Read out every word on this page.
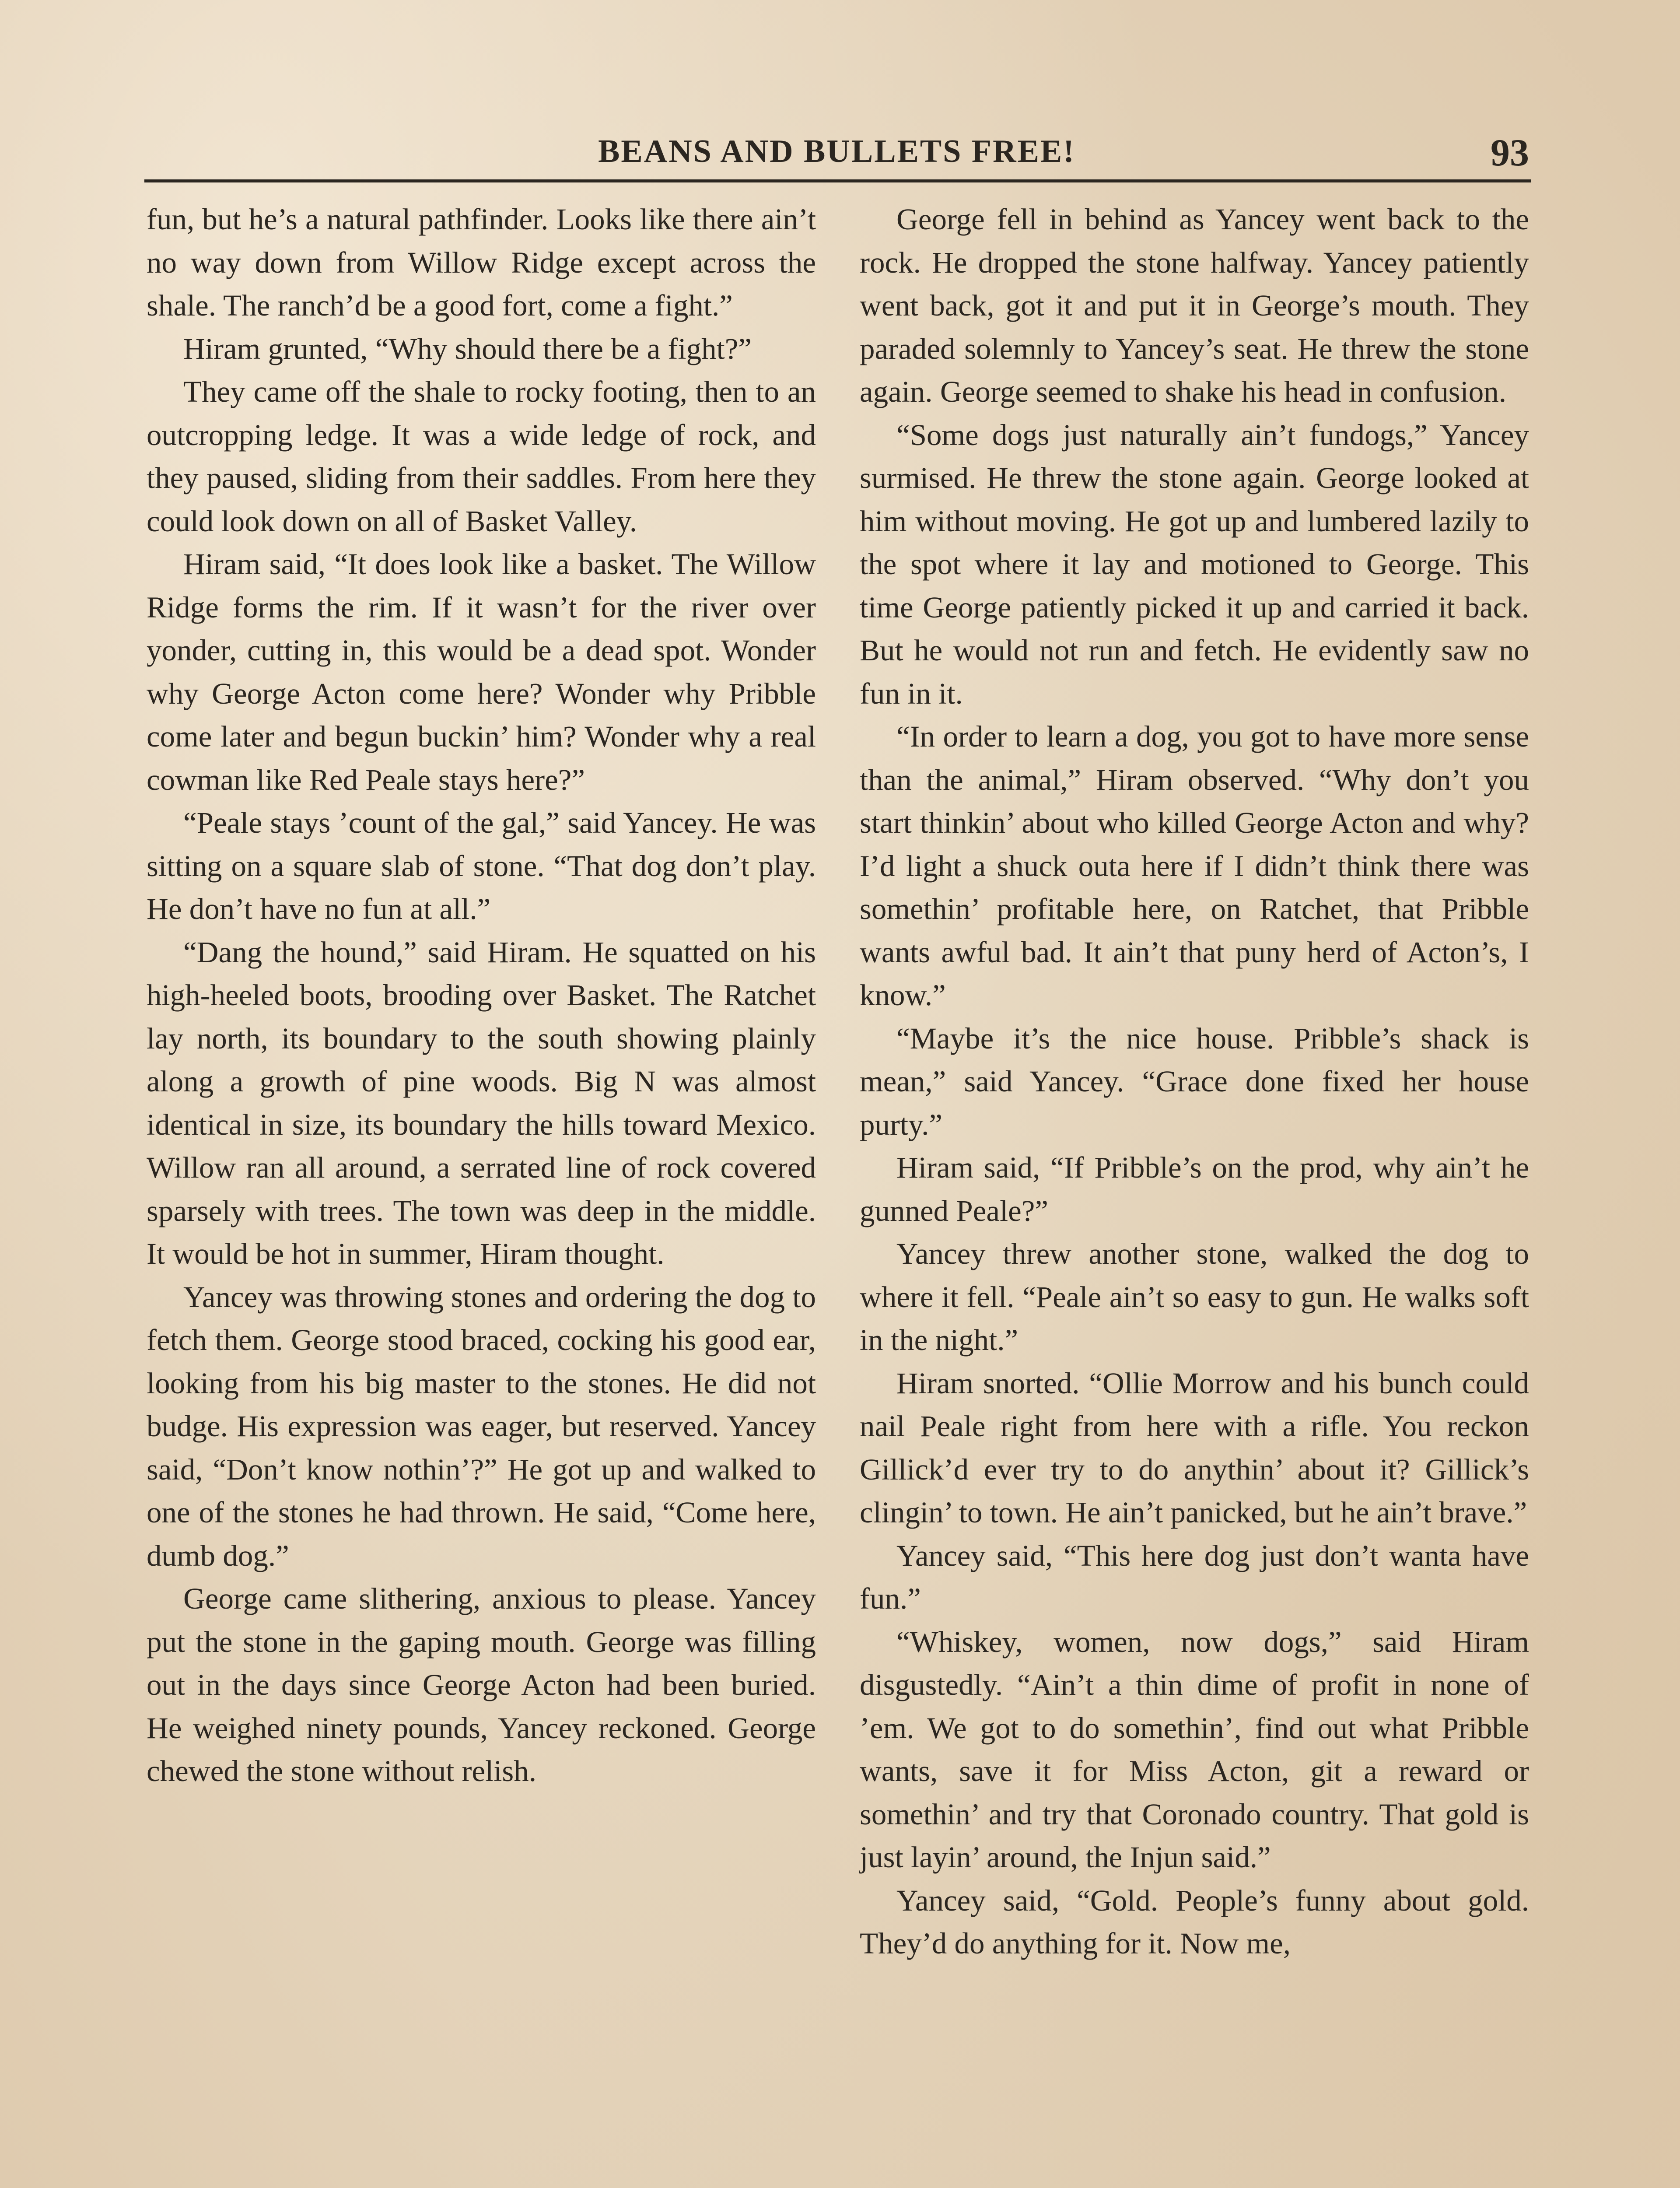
BEANS AND BULLETS FREE!	93

fun, but he’s a natural pathfinder. Looks like there ain’t no way down from Willow Ridge except across the shale. The ranch’d be a good fort, come a fight.”

Hiram grunted, “Why should there be a fight?”

They came off the shale to rocky footing, then to an outcropping ledge. It was a wide ledge of rock, and they paused, sliding from their saddles. From here they could look down on all of Basket Valley.

Hiram said, “It does look like a basket. The Willow Ridge forms the rim. If it wasn’t for the river over yonder, cutting in, this would be a dead spot. Wonder why George Acton come here? Wonder why Pribble come later and begun buckin’ him? Wonder why a real cowman like Red Peale stays here?”

“Peale stays ’count of the gal,” said Yancey. He was sitting on a square slab of stone. “That dog don’t play. He don’t have no fun at all.”

“Dang the hound,” said Hiram. He squatted on his high-heeled boots, brooding over Basket. The Ratchet lay north, its boundary to the south showing plainly along a growth of pine woods. Big N was almost identical in size, its boundary the hills toward Mexico. Willow ran all around, a serrated line of rock covered sparsely with trees. The town was deep in the middle. It would be hot in summer, Hiram thought.

Yancey was throwing stones and ordering the dog to fetch them. George stood braced, cocking his good ear, looking from his big master to the stones. He did not budge. His expression was eager, but reserved. Yancey said, “Don’t know nothin’?” He got up and walked to one of the stones he had thrown. He said, “Come here, dumb dog.”

George came slithering, anxious to please. Yancey put the stone in the gaping mouth. George was filling out in the days since George Acton had been buried. He weighed ninety pounds, Yancey reckoned. George chewed the stone without relish.

George fell in behind as Yancey went back to the rock. He dropped the stone halfway. Yancey patiently went back, got it and put it in George’s mouth. They paraded solemnly to Yancey’s seat. He threw the stone again. George seemed to shake his head in confusion.

“Some dogs just naturally ain’t fundogs,” Yancey surmised. He threw the stone again. George looked at him without moving. He got up and lumbered lazily to the spot where it lay and motioned to George. This time George patiently picked it up and carried it back. But he would not run and fetch. He evidently saw no fun in it.

“In order to learn a dog, you got to have more sense than the animal,” Hiram observed. “Why don’t you start thinkin’ about who killed George Acton and why? I’d light a shuck outa here if I didn’t think there was somethin’ profitable here, on Ratchet, that Pribble wants awful bad. It ain’t that puny herd of Acton’s, I know.”

“Maybe it’s the nice house. Pribble’s shack is mean,” said Yancey. “Grace done fixed her house purty.”

Hiram said, “If Pribble’s on the prod, why ain’t he gunned Peale?”

Yancey threw another stone, walked the dog to where it fell. “Peale ain’t so easy to gun. He walks soft in the night.”

Hiram snorted. “Ollie Morrow and his bunch could nail Peale right from here with a rifle. You reckon Gillick’d ever try to do anythin’ about it? Gillick’s clingin’ to town. He ain’t panicked, but he ain’t brave.”

Yancey said, “This here dog just don’t wanta have fun.”

“Whiskey, women, now dogs,” said Hiram disgustedly. “Ain’t a thin dime of profit in none of ’em. We got to do somethin’, find out what Pribble wants, save it for Miss Acton, git a reward or somethin’ and try that Coronado country. That gold is just layin’ around, the Injun said.”

Yancey said, “Gold. People’s funny about gold. They’d do anything for it. Now me,
